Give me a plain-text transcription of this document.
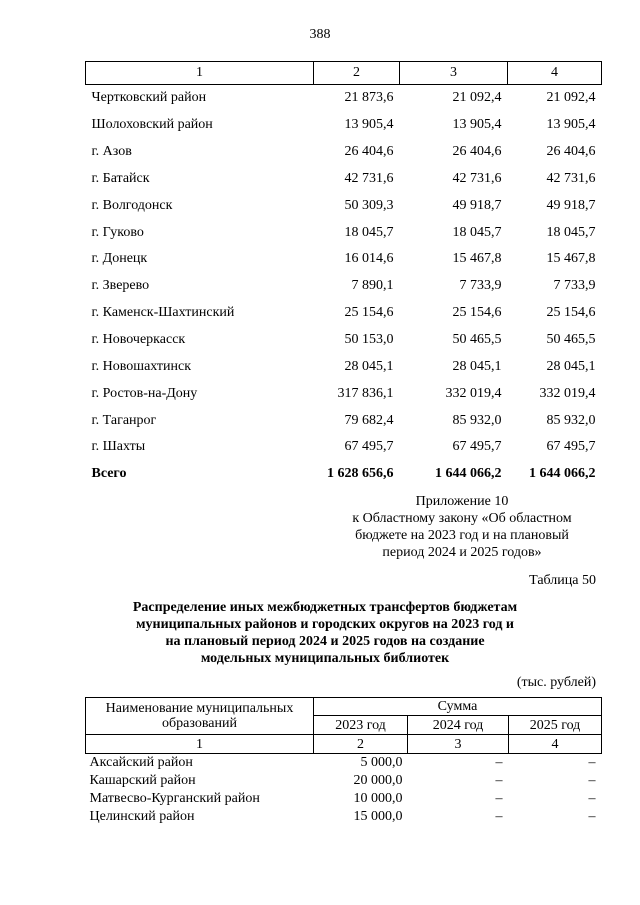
388
1	2	3	4
Чертковский район	21 873,6	21 092,4	21 092,4
Шолоховский район	13 905,4	13 905,4	13 905,4
г. Азов	26 404,6	26 404,6	26 404,6
г. Батайск	42 731,6	42 731,6	42 731,6
г. Волгодонск	50 309,3	49 918,7	49 918,7
г. Гуково	18 045,7	18 045,7	18 045,7
г. Донецк	16 014,6	15 467,8	15 467,8
г. Зверево	7 890,1	7 733,9	7 733,9
г. Каменск-Шахтинский	25 154,6	25 154,6	25 154,6
г. Новочеркасск	50 153,0	50 465,5	50 465,5
г. Новошахтинск	28 045,1	28 045,1	28 045,1
г. Ростов-на-Дону	317 836,1	332 019,4	332 019,4
г. Таганрог	79 682,4	85 932,0	85 932,0
г. Шахты	67 495,7	67 495,7	67 495,7
Всего	1 628 656,6	1 644 066,2	1 644 066,2
Приложение 10
к Областному закону «Об областном
бюджете на 2023 год и на плановый
период 2024 и 2025 годов»
Таблица 50
Распределение иных межбюджетных трансфертов бюджетам
муниципальных районов и городских округов на 2023 год и
на плановый период 2024 и 2025 годов на создание
модельных муниципальных библиотек
(тыс. рублей)
Наименование муниципальных образований	Сумма		
	2023 год	2024 год	2025 год
1	2	3	4
Аксайский район	5 000,0	–	–
Кашарский район	20 000,0	–	–
Матвесво-Курганский район	10 000,0	–	–
Целинский район	15 000,0	–	–
